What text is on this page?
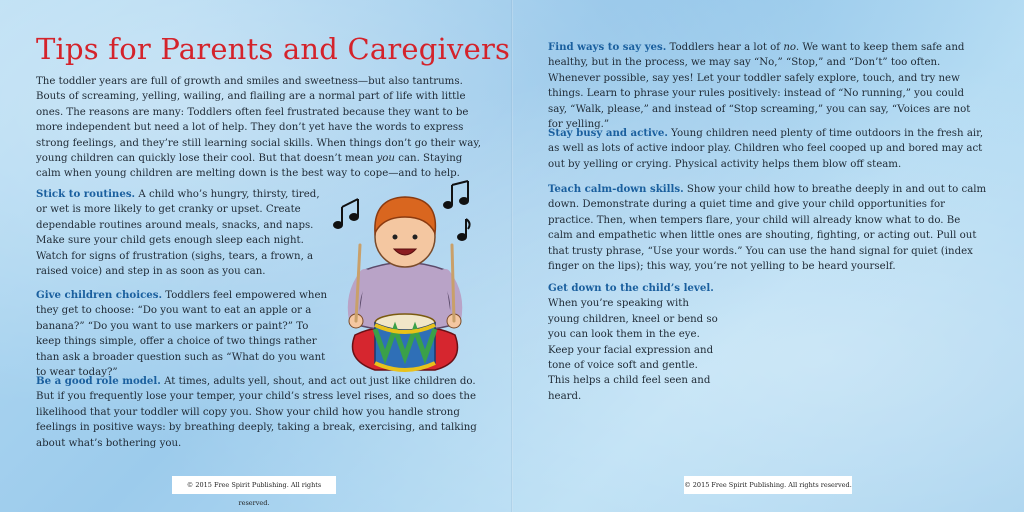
Tips for Parents and Caregivers

The toddler years are full of growth and smiles and sweetness—but also tantrums. Bouts of screaming, yelling, wailing, and flailing are a normal part of life with little ones. The reasons are many: Toddlers often feel frustrated because they want to be more independent but need a lot of help. They don’t yet have the words to express strong feelings, and they’re still learning social skills. When things don’t go their way, young children can quickly lose their cool. But that doesn’t mean you can. Staying calm when young children are melting down is the best way to cope—and to help.

Stick to routines. A child who’s hungry, thirsty, tired, or wet is more likely to get cranky or upset. Create dependable routines around meals, snacks, and naps. Make sure your child gets enough sleep each night. Watch for signs of frustration (sighs, tears, a frown, a raised voice) and step in as soon as you can.

Give children choices. Toddlers feel empowered when they get to choose: “Do you want to eat an apple or a banana?” “Do you want to use markers or paint?” To keep things simple, offer a choice of two things rather than ask a broader question such as “What do you want to wear today?”

Be a good role model. At times, adults yell, shout, and act out just like children do. But if you frequently lose your temper, your child’s stress level rises, and so does the likelihood that your toddler will copy you. Show your child how you handle strong feelings in positive ways: by breathing deeply, taking a break, exercising, and talking about what’s bothering you.

© 2015 Free Spirit Publishing. All rights reserved.

Find ways to say yes. Toddlers hear a lot of no. We want to keep them safe and healthy, but in the process, we may say “No,” “Stop,” and “Don’t” too often. Whenever possible, say yes! Let your toddler safely explore, touch, and try new things. Learn to phrase your rules positively: instead of “No running,” you could say, “Walk, please,” and instead of “Stop screaming,” you can say, “Voices are not for yelling.”

Stay busy and active. Young children need plenty of time outdoors in the fresh air, as well as lots of active indoor play. Children who feel cooped up and bored may act out by yelling or crying. Physical activity helps them blow off steam.

Teach calm-down skills. Show your child how to breathe deeply in and out to calm down. Demonstrate during a quiet time and give your child opportunities for practice. Then, when tempers flare, your child will already know what to do. Be calm and empathetic when little ones are shouting, fighting, or acting out. Pull out that trusty phrase, “Use your words.” You can use the hand signal for quiet (index finger on the lips); this way, you’re not yelling to be heard yourself.

Get down to the child’s level.
When you’re speaking with young children, kneel or bend so you can look them in the eye. Keep your facial expression and tone of voice soft and gentle. This helps a child feel seen and heard.

© 2015 Free Spirit Publishing. All rights reserved.
